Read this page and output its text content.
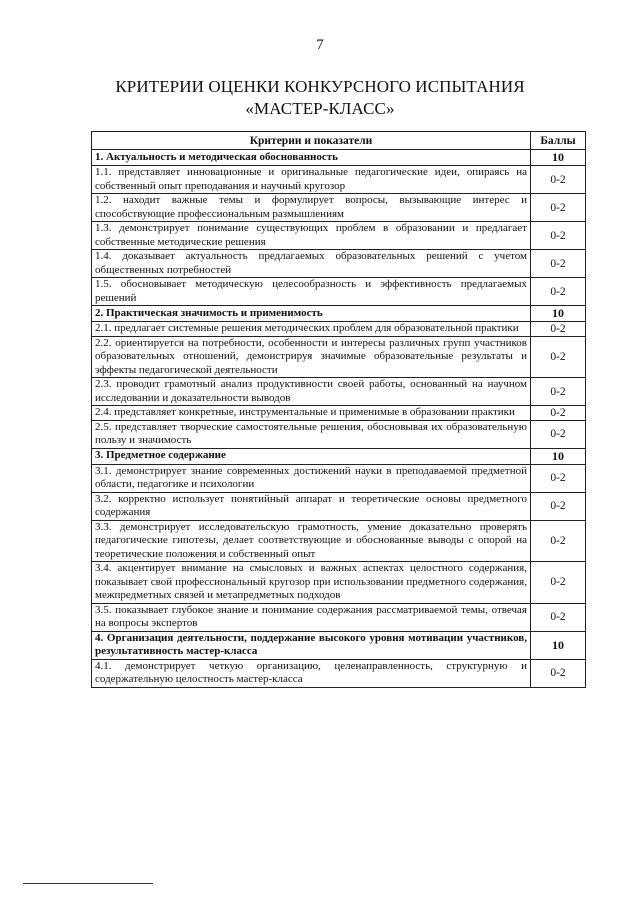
7
КРИТЕРИИ ОЦЕНКИ КОНКУРСНОГО ИСПЫТАНИЯ
«МАСТЕР-КЛАСС»
Критерии и показатели	Баллы
1. Актуальность и методическая обоснованность	10
1.1. представляет инновационные и оригинальные педагогические идеи, опираясь на собственный опыт преподавания и научный кругозор	0-2
1.2. находит важные темы и формулирует вопросы, вызывающие интерес и способствующие профессиональным размышлениям	0-2
1.3. демонстрирует понимание существующих проблем в образовании и предлагает собственные методические решения	0-2
1.4. доказывает актуальность предлагаемых образовательных решений с учетом общественных потребностей	0-2
1.5. обосновывает методическую целесообразность и эффективность предлагаемых решений	0-2
2. Практическая значимость и применимость	10
2.1. предлагает системные решения методических проблем для образовательной практики	0-2
2.2. ориентируется на потребности, особенности и интересы различных групп участников образовательных отношений, демонстрируя значимые образовательные результаты и эффекты педагогической деятельности	0-2
2.3. проводит грамотный анализ продуктивности своей работы, основанный на научном исследовании и доказательности выводов	0-2
2.4. представляет конкретные, инструментальные и применимые в образовании практики	0-2
2.5. представляет творческие самостоятельные решения, обосновывая их образовательную пользу и значимость	0-2
3. Предметное содержание	10
3.1. демонстрирует знание современных достижений науки в преподаваемой предметной области, педагогике и психологии	0-2
3.2. корректно использует понятийный аппарат и теоретические основы предметного содержания	0-2
3.3. демонстрирует исследовательскую грамотность, умение доказательно проверять педагогические гипотезы, делает соответствующие и обоснованные выводы с опорой на теоретические положения и собственный опыт	0-2
3.4. акцентирует внимание на смысловых и важных аспектах целостного содержания, показывает свой профессиональный кругозор при использовании предметного содержания, межпредметных связей и метапредметных подходов	0-2
3.5. показывает глубокое знание и понимание содержания рассматриваемой темы, отвечая на вопросы экспертов	0-2
4. Организация деятельности, поддержание высокого уровня мотивации участников, результативность мастер-класса	10
4.1. демонстрирует четкую организацию, целенаправленность, структурную и содержательную целостность мастер-класса	0-2
